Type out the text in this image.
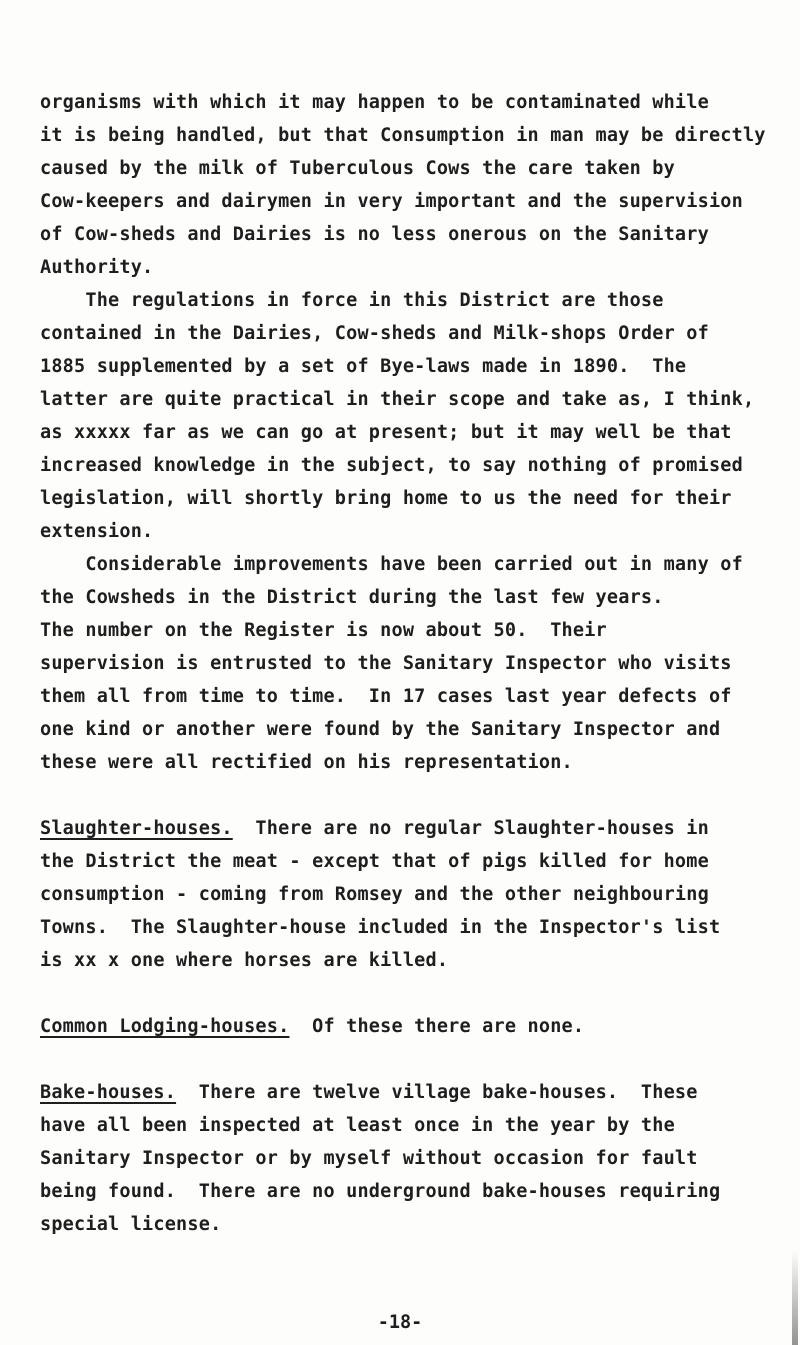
organisms with which it may happen to be contaminated while
it is being handled, but that Consumption in man may be directly
caused by the milk of Tuberculous Cows the care taken by
Cow-keepers and dairymen in very important and the supervision
of Cow-sheds and Dairies is no less onerous on the Sanitary
Authority.
The regulations in force in this District are those
contained in the Dairies, Cow-sheds and Milk-shops Order of
1885 supplemented by a set of Bye-laws made in 1890.  The
latter are quite practical in their scope and take as, I think,
as xxxxx far as we can go at present; but it may well be that
increased knowledge in the subject, to say nothing of promised
legislation, will shortly bring home to us the need for their
extension.
Considerable improvements have been carried out in many of
the Cowsheds in the District during the last few years.
The number on the Register is now about 50.  Their
supervision is entrusted to the Sanitary Inspector who visits
them all from time to time.  In 17 cases last year defects of
one kind or another were found by the Sanitary Inspector and
these were all rectified on his representation.
Slaughter-houses.  There are no regular Slaughter-houses in
the District the meat - except that of pigs killed for home
consumption - coming from Romsey and the other neighbouring
Towns.  The Slaughter-house included in the Inspector's list
is xx x one where horses are killed.
Common Lodging-houses.  Of these there are none.
Bake-houses.  There are twelve village bake-houses.  These
have all been inspected at least once in the year by the
Sanitary Inspector or by myself without occasion for fault
being found.  There are no underground bake-houses requiring
special license.
-18-
